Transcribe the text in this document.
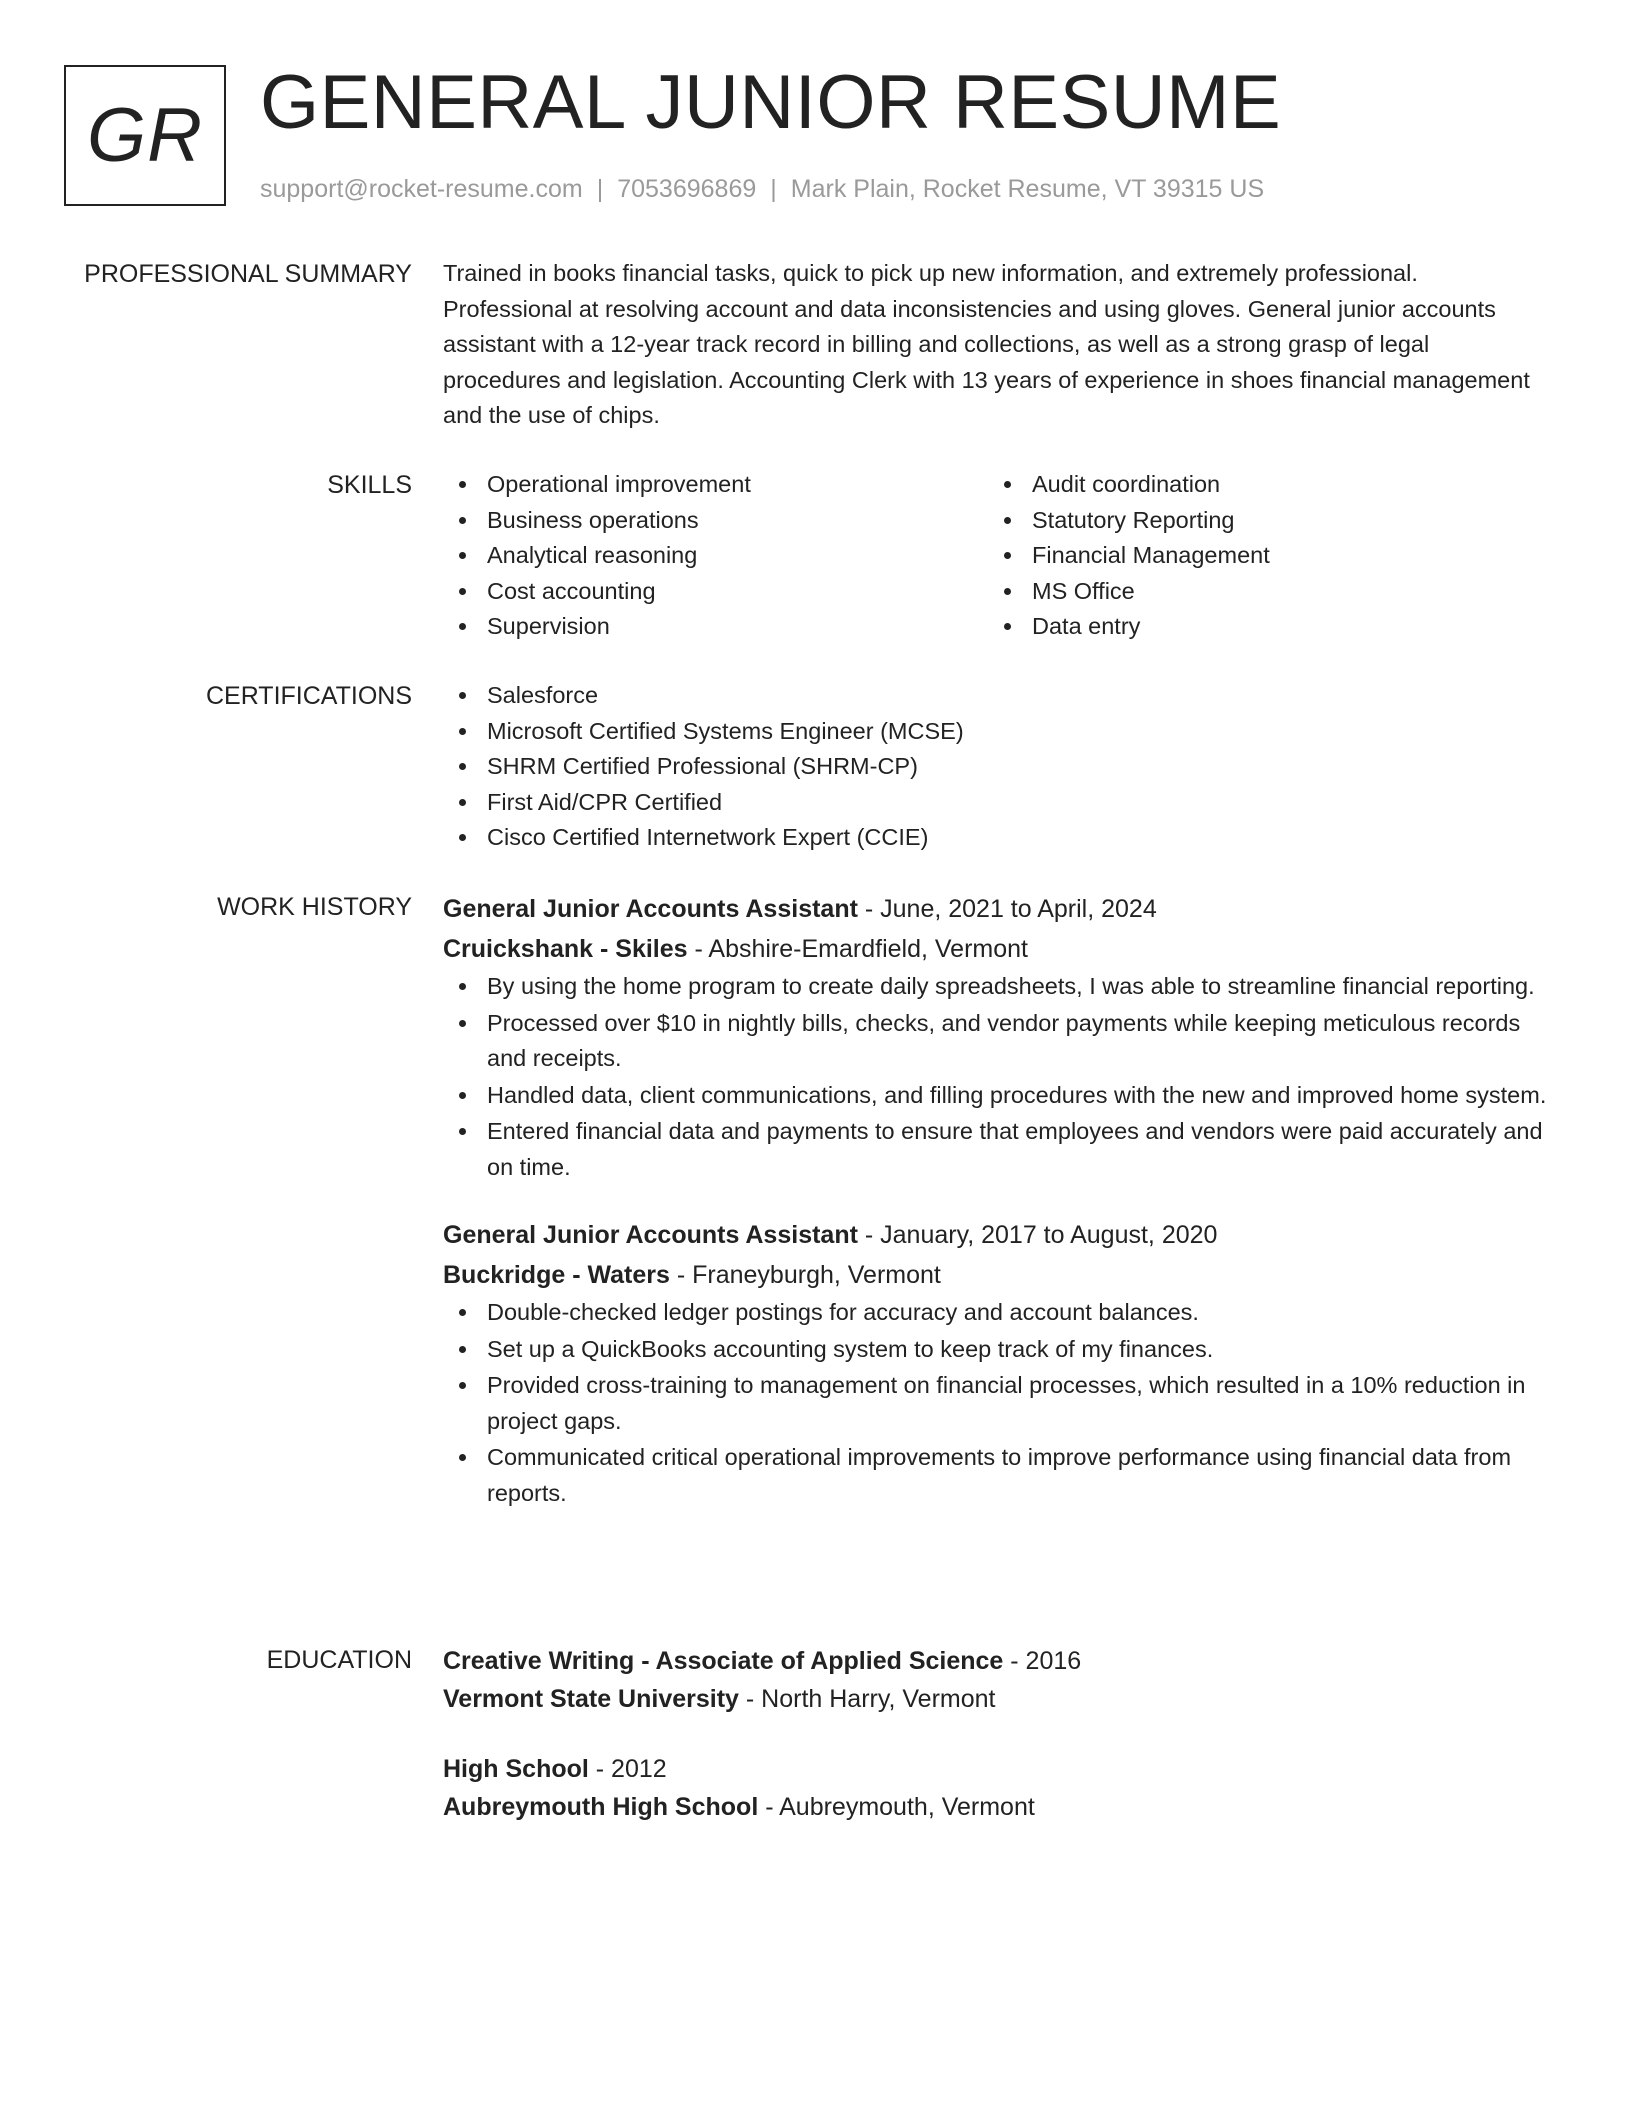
GR GENERAL JUNIOR RESUME
support@rocket-resume.com | 7053696869 | Mark Plain, Rocket Resume, VT 39315 US
PROFESSIONAL SUMMARY Trained in books financial tasks, quick to pick up new information, and extremely professional. Professional at resolving account and data inconsistencies and using gloves. General junior accounts assistant with a 12-year track record in billing and collections, as well as a strong grasp of legal procedures and legislation. Accounting Clerk with 13 years of experience in shoes financial management and the use of chips.

SKILLS	Operational improvement
Business operations
Analytical reasoning
Cost accounting
Supervision
Audit coordination
Statutory Reporting
Financial Management
MS Office
Data entry
CERTIFICATIONS	Salesforce
Microsoft Certified Systems Engineer (MCSE)
SHRM Certified Professional (SHRM-CP)
First Aid/CPR Certified
Cisco Certified Internetwork Expert (CCIE)
WORK HISTORY General Junior Accounts Assistant - June, 2021 to April, 2024
Cruickshank - Skiles - Abshire-Emardfield, Vermont
By using the home program to create daily spreadsheets, I was able to streamline financial reporting.
Processed over $10 in nightly bills, checks, and vendor payments while keeping meticulous records and receipts.
Handled data, client communications, and filling procedures with the new and improved home system.
Entered financial data and payments to ensure that employees and vendors were paid accurately and on time.
General Junior Accounts Assistant - January, 2017 to August, 2020
Buckridge - Waters - Franeyburgh, Vermont
Double-checked ledger postings for accuracy and account balances.
Set up a QuickBooks accounting system to keep track of my finances.
Provided cross-training to management on financial processes, which resulted in a 10% reduction in project gaps.
Communicated critical operational improvements to improve performance using financial data from reports.
EDUCATION Creative Writing - Associate of Applied Science - 2016
Vermont State University - North Harry, Vermont
High School - 2012
Aubreymouth High School - Aubreymouth, Vermont
